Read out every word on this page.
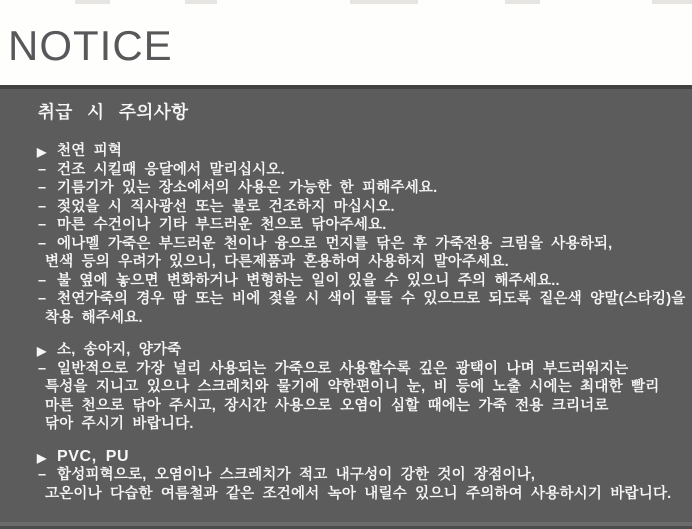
NOTICE
취급 시 주의사항
▶ 천연 피혁
– 건조 시킬때 응달에서 말리십시오.
– 기름기가 있는 장소에서의 사용은 가능한 한 피해주세요.
– 젖었을 시 직사광선 또는 불로 건조하지 마십시오.
– 마른 수건이나 기타 부드러운 천으로 닦아주세요.
– 에나멜 가죽은 부드러운 천이나 융으로 먼지를 닦은 후 가죽전용 크림을 사용하되,
변색 등의 우려가 있으니, 다른제품과 혼용하여 사용하지 말아주세요.
– 불 옆에 놓으면 변화하거나 변형하는 일이 있을 수 있으니 주의 해주세요..
– 천연가죽의 경우 땀 또는 비에 젖을 시 색이 물들 수 있으므로 되도록 짙은색 양말(스타킹)을
착용 해주세요.
▶ 소, 송아지, 양가죽
– 일반적으로 가장 널리 사용되는 가죽으로 사용할수록 깊은 광택이 나며 부드러워지는
특성을 지니고 있으나 스크레치와 물기에 약한편이니 눈, 비 등에 노출 시에는 최대한 빨리
마른 천으로 닦아 주시고, 장시간 사용으로 오염이 심할 때에는 가죽 전용 크리너로
닦아 주시기 바랍니다.
▶ PVC, PU
– 합성피혁으로, 오염이나 스크레치가 적고 내구성이 강한 것이 장점이나,
고온이나 다습한 여름철과 같은 조건에서 녹아 내릴수 있으니 주의하여 사용하시기 바랍니다.
